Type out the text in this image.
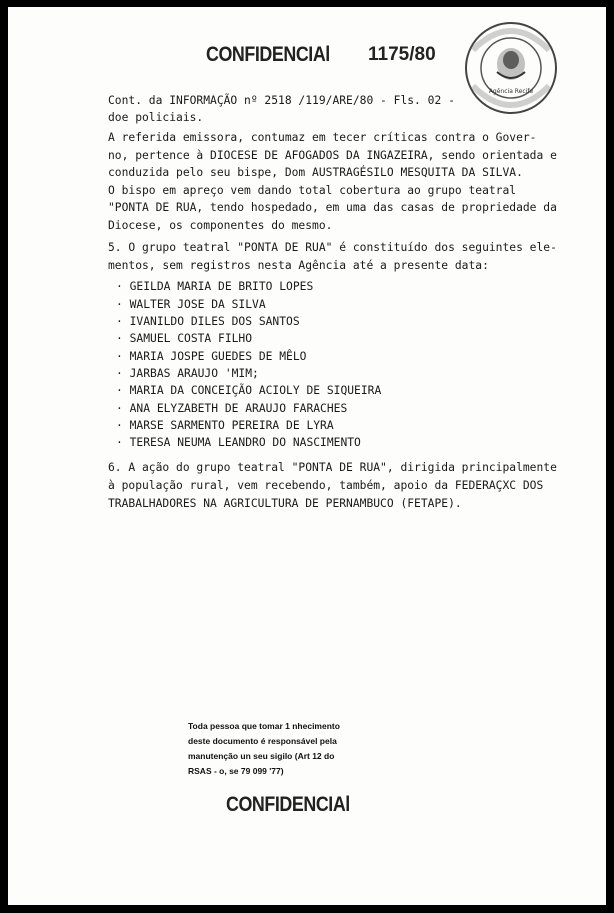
CONFIDENCIAl 1175/80
Agência Recife
Cont. da INFORMAÇÃO nº 2518 /119/ARE/80 - Fls. 02 -
doe policiais.
A referida emissora, contumaz em tecer críticas contra o Gover-
no, pertence à DIOCESE DE AFOGADOS DA INGAZEIRA, sendo orientada e
conduzida pelo seu bispe, Dom AUSTRAGÉSILO MESQUITA DA SILVA.
O bispo em apreço vem dando total cobertura ao grupo teatral
"PONTA DE RUA, tendo hospedado, em uma das casas de propriedade da
Diocese, os componentes do mesmo.
5. O grupo teatral "PONTA DE RUA" é constituído dos seguintes ele-
mentos, sem registros nesta Agência até a presente data:
· GEILDA MARIA DE BRITO LOPES
· WALTER JOSE DA SILVA
· IVANILDO DILES DOS SANTOS
· SAMUEL COSTA FILHO
· MARIA JOSPE GUEDES DE MÊLO
· JARBAS ARAUJO 'MIM;
· MARIA DA CONCEIÇÃO ACIOLY DE SIQUEIRA
· ANA ELYZABETH DE ARAUJO FARACHES
· MARSE SARMENTO PEREIRA DE LYRA
· TERESA NEUMA LEANDRO DO NASCIMENTO
6. A ação do grupo teatral "PONTA DE RUA", dirigida principalmente
à população rural, vem recebendo, também, apoio da FEDERAÇXC DOS
TRABALHADORES NA AGRICULTURA DE PERNAMBUCO (FETAPE).
Toda pessoa que tomar 1 nhecimento
deste documento é responsável pela
manutenção un seu sigilo (Art 12 do
RSAS - o, se 79 099 '77)
CONFIDENCIAl
